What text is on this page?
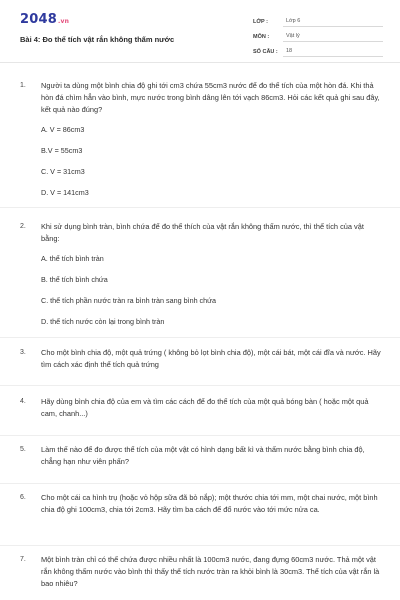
2048.vn
Bài 4: Đo thể tích vật rắn không thấm nước
LỚP :	Lớp 6
MÔN :	Vật lý
SỐ CÂU :	18
1.	Người ta dùng một bình chia độ ghi tới cm3 chứa 55cm3 nước để đo thể tích của một hòn đá. Khi thả hòn đá chìm hẳn vào bình, mực nước trong bình dâng lên tới vạch 86cm3. Hỏi các kết quả ghi sau đây, kết quả nào đúng?
A. V = 86cm3
B.V = 55cm3
C. V = 31cm3
D. V = 141cm3
2.	Khi sử dụng bình tràn, bình chứa để đo thể thích của vật rắn không thấm nước, thì thể tích của vật bằng:
A. thể tích bình tràn
B. thể tích bình chứa
C. thể tích phần nước tràn ra bình tràn sang bình chứa
D. thể tích nước còn lại trong bình tràn
3.	Cho một bình chia độ, một quả trứng ( không bỏ lọt bình chia độ), một cái bát, một cái đĩa và nước. Hãy tìm cách xác định thể tích quả trứng
4.	Hãy dùng bình chia độ của em và tìm các cách để đo thể tích của một quả bóng bàn ( hoặc một quả cam, chanh...)
5.	Làm thế nào để đo được thể tích của một vật có hình dạng bất kì và thấm nước bằng bình chia độ, chẳng hạn như viên phấn?
6.	Cho một cái ca hình trụ (hoặc vỏ hộp sữa đã bỏ nắp); một thước chia tới mm, một chai nước, một bình chia độ ghi 100cm3, chia tới 2cm3. Hãy tìm ba cách để đổ nước vào tới mức nửa ca.
7.	Một bình tràn chỉ có thể chứa được nhiều nhất là 100cm3 nước, đang đựng 60cm3 nước. Thả một vật rắn không thấm nước vào bình thì thấy thể tích nước tràn ra khỏi bình là 30cm3. Thể tích của vật rắn là bao nhiêu?
